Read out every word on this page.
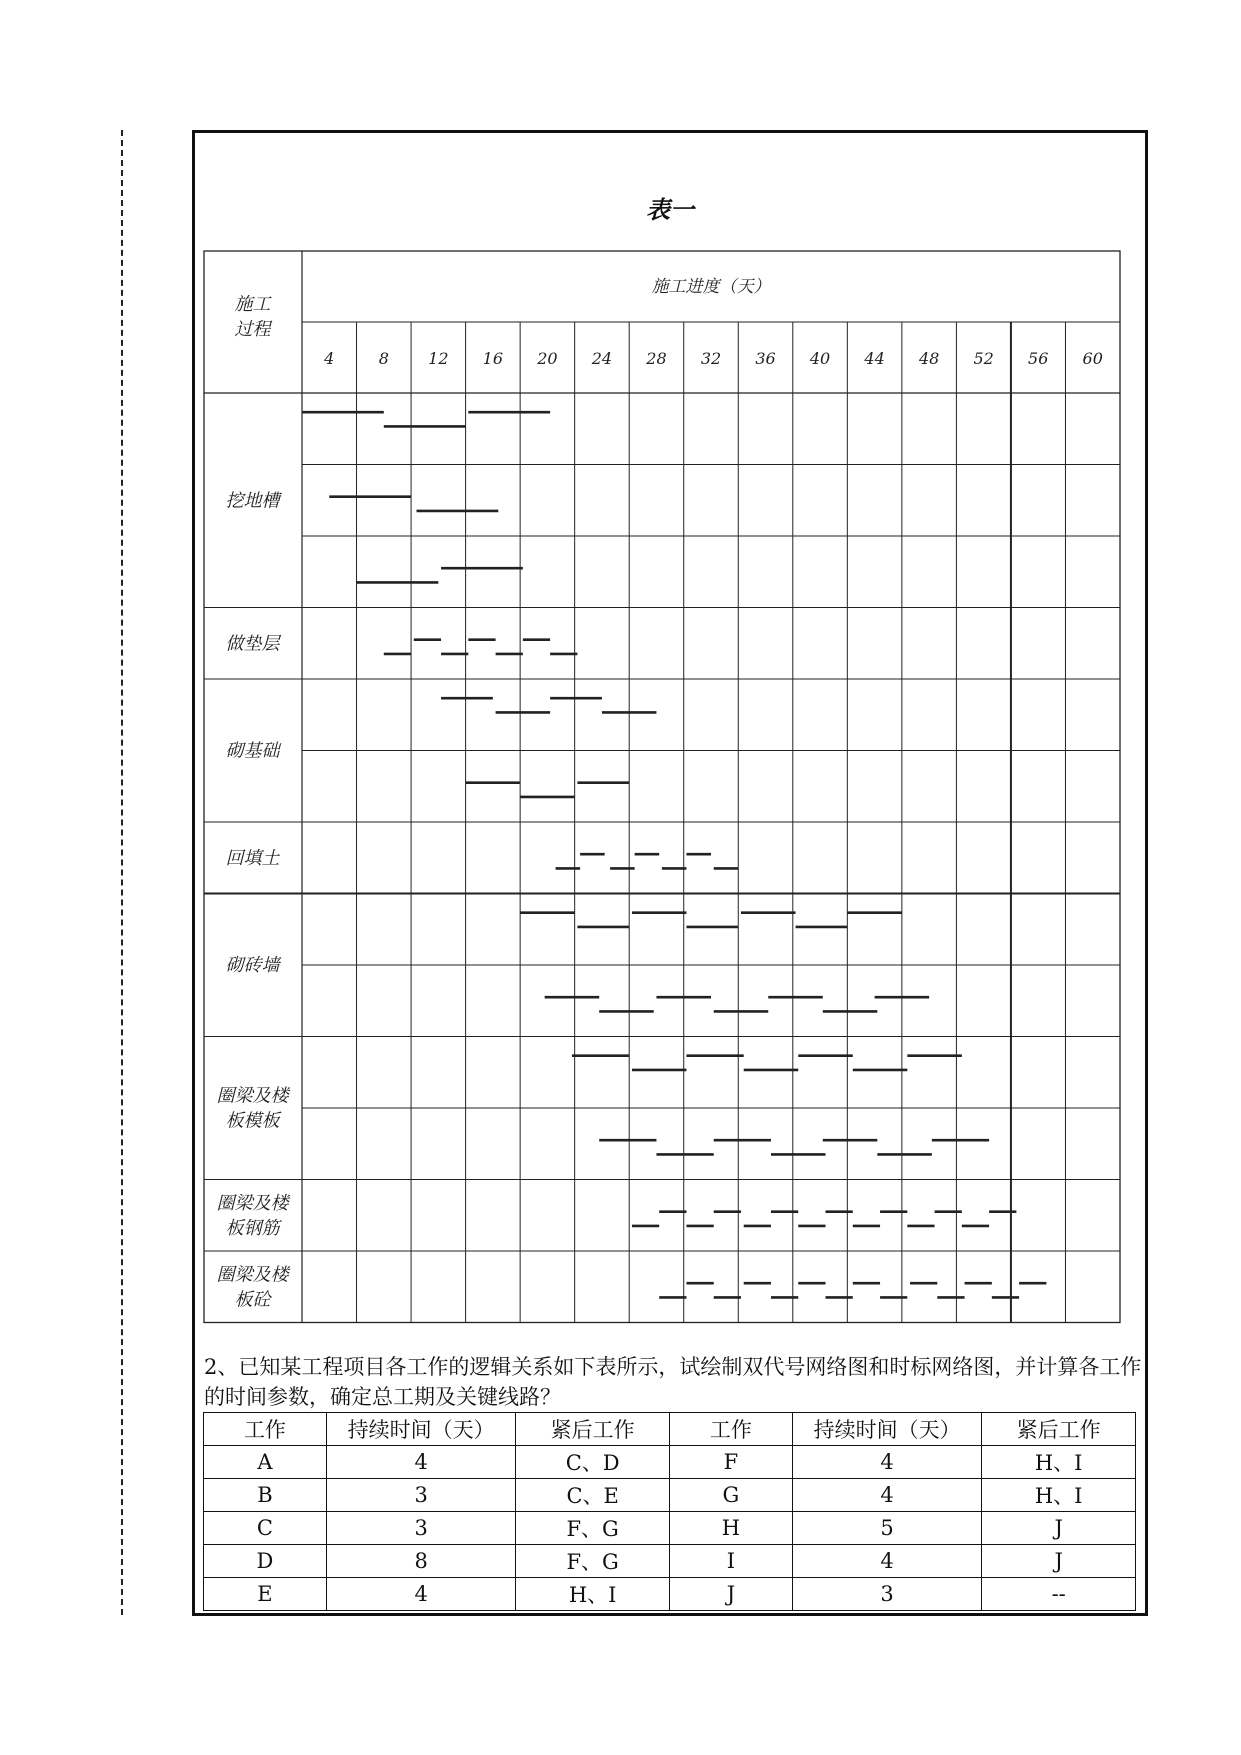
表一
施工
过程
施工进度（天）
4	8 12 16 20 24 28 32 36 40 44 48 52 56 60
挖地槽
做垫层
砌基础
回填土
砌砖墙
圈梁及楼
板模板
圈梁及楼
板钢筋
圈梁及楼
板砼
2、已知某工程项目各工作的逻辑关系如下表所示，试绘制双代号网络图和时标网络图，并计算各工作的时间参数，确定总工期及关键线路？
工作	持续时间（天）	紧后工作	工作	持续时间（天）	紧后工作
A	4	C、D	F	4	H、I
B	3	C、E	G	4	H、I
C	3	F、G	H	5	J
D	8	F、G	I	4	J
E	4	H、I	J	3	--
